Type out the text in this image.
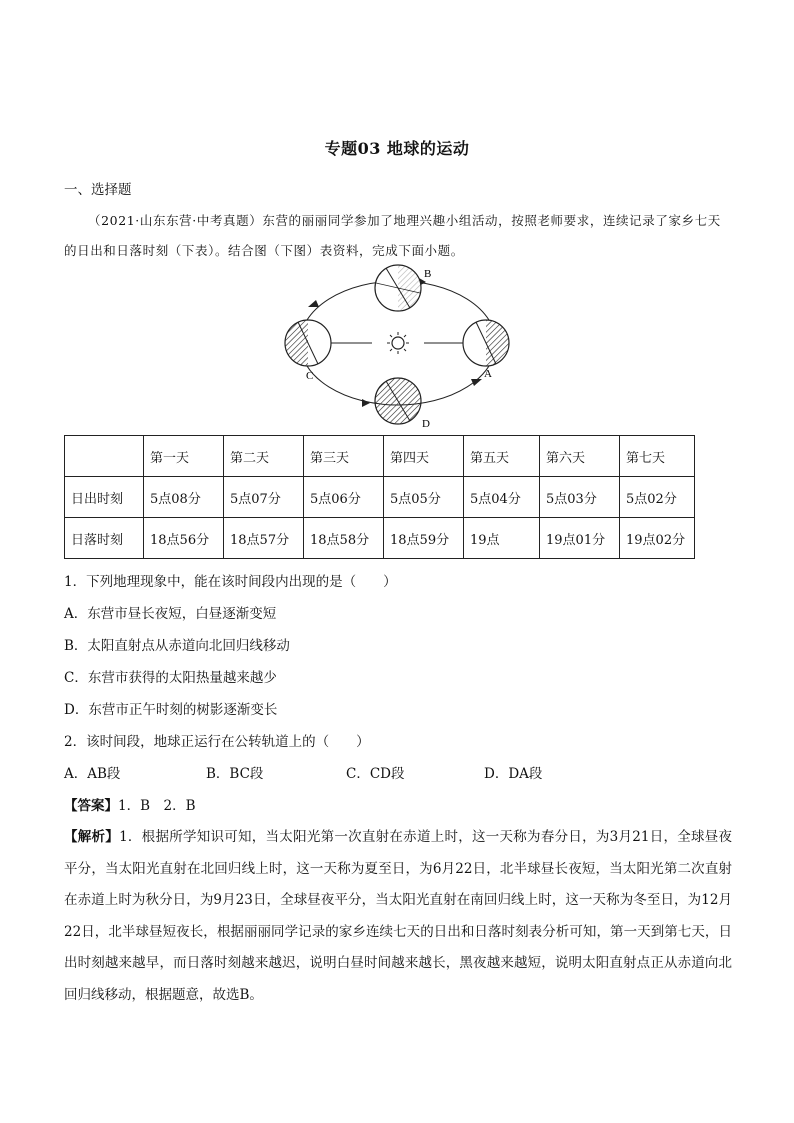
专题03 地球的运动
一、选择题
（2021·山东东营·中考真题）东营的丽丽同学参加了地理兴趣小组活动，按照老师要求，连续记录了家乡七天的日出和日落时刻（下表）。结合图（下图）表资料，完成下面小题。
B
C
D
A
	第一天	第二天	第三天	第四天	第五天	第六天	第七天
日出时刻	5点08分	5点07分	5点06分	5点05分	5点04分	5点03分	5点02分
日落时刻	18点56分	18点57分	18点58分	18点59分	19点	19点01分	19点02分
1．下列地理现象中，能在该时间段内出现的是（　　）
A．东营市昼长夜短，白昼逐渐变短
B．太阳直射点从赤道向北回归线移动
C．东营市获得的太阳热量越来越少
D．东营市正午时刻的树影逐渐变长
2．该时间段，地球正运行在公转轨道上的（　　）
A．AB段	B．BC段	C．CD段	D．DA段
【答案】1．B　2．B
【解析】1．根据所学知识可知，当太阳光第一次直射在赤道上时，这一天称为春分日，为3月21日，全球昼夜平分，当太阳光直射在北回归线上时，这一天称为夏至日，为6月22日，北半球昼长夜短，当太阳光第二次直射在赤道上时为秋分日，为9月23日，全球昼夜平分，当太阳光直射在南回归线上时，这一天称为冬至日，为12月22日，北半球昼短夜长，根据丽丽同学记录的家乡连续七天的日出和日落时刻表分析可知，第一天到第七天，日出时刻越来越早，而日落时刻越来越迟，说明白昼时间越来越长，黑夜越来越短，说明太阳直射点正从赤道向北回归线移动，根据题意，故选B。
